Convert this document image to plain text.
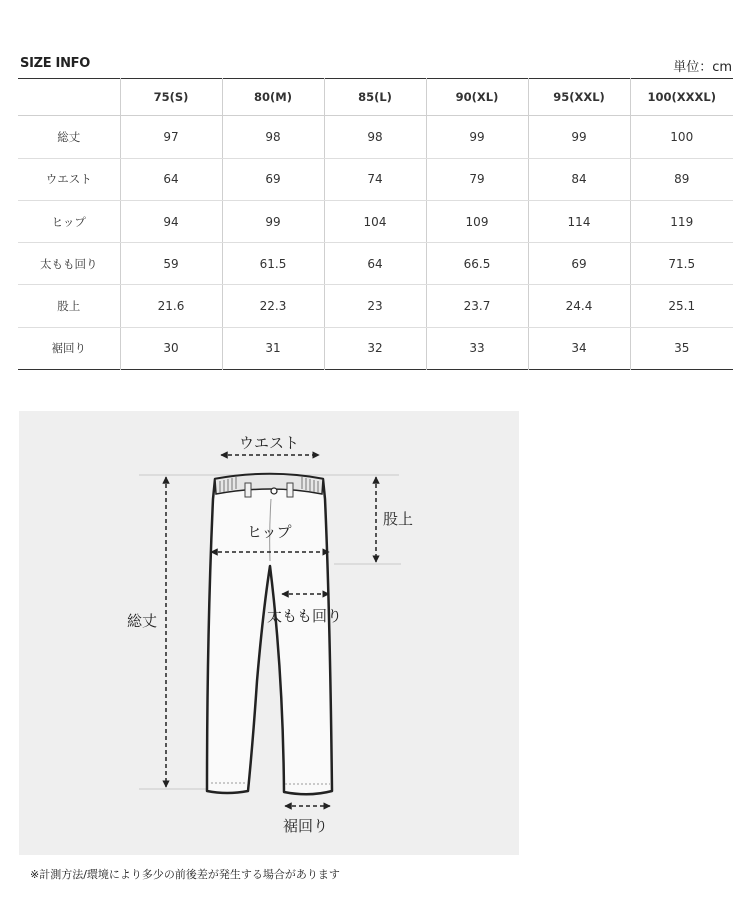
SIZE INFO	単位：cm
	75(S)	80(M)	85(L)	90(XL)	95(XXL)	100(XXXL)
総丈	97	98	98	99	99	100
ウエスト	64	69	74	79	84	89
ヒップ	94	99	104	109	114	119
太もも回り	59	61.5	64	66.5	69	71.5
股上	21.6	22.3	23	23.7	24.4	25.1
裾回り	30	31	32	33	34	35
ウエスト
股上
ヒップ
総丈	太もも回り
裾回り
※計測方法/環境により多少の前後差が発生する場合があります
